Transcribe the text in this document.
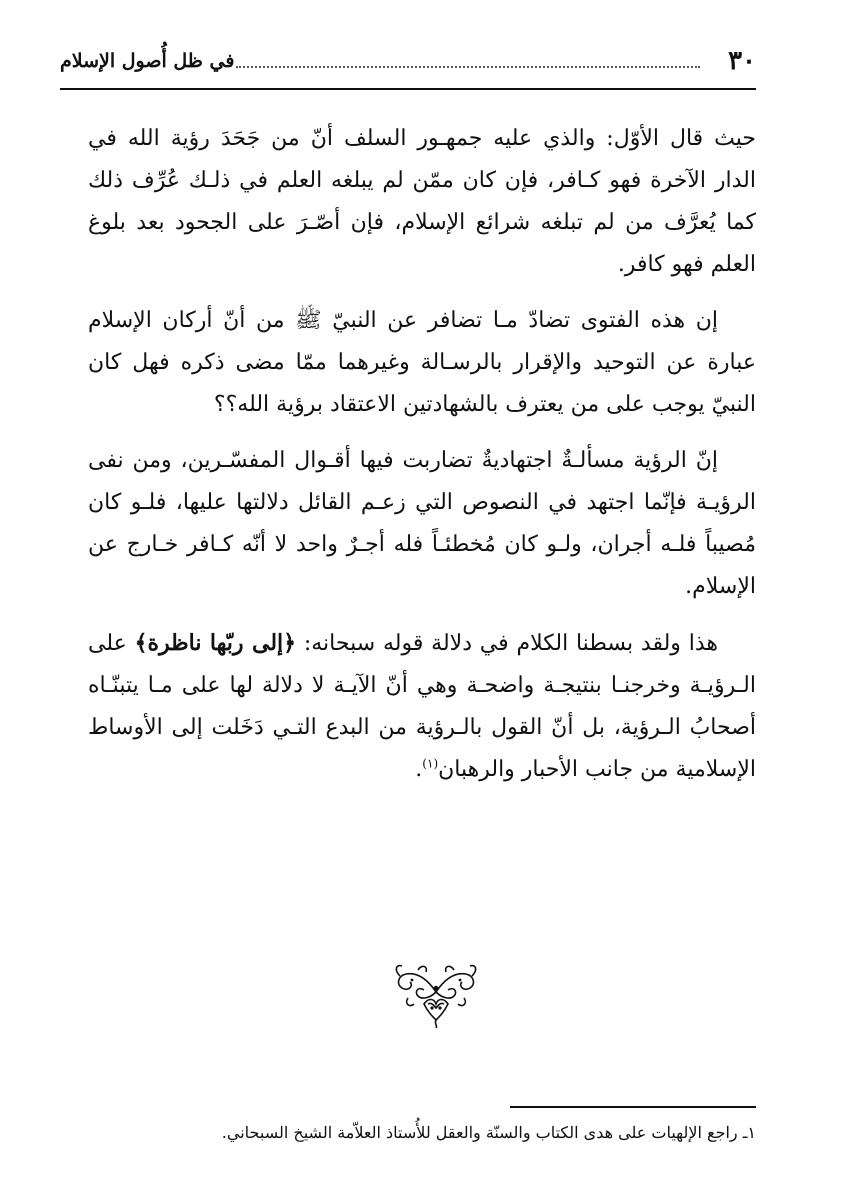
٣٠
في ظل أُصول الإسلام

حيث قال الأوّل: والذي عليه جمهـور السلف أنّ من جَحَدَ رؤية الله في الدار الآخرة فهو كـافر، فإن كان ممّن لم يبلغه العلم في ذلـك عُرِّف ذلك كما يُعرَّف من لم تبلغه شرائع الإسلام، فإن أصّـرَ على الجحود بعد بلوغ العلم فهو كافر.

إن هذه الفتوى تضادّ مـا تضافر عن النبيّ ﷺ من أنّ أركان الإسلام عبارة عن التوحيد والإقرار بالرسـالة وغيرهما ممّا مضى ذكره فهل كان النبيّ يوجب على من يعترف بالشهادتين الاعتقاد برؤية الله؟؟

إنّ الرؤية مسألـةٌ اجتهاديةٌ تضاربت فيها أقـوال المفسّـرين، ومن نفى الرؤيـة فإنّما اجتهد في النصوص التي زعـم القائل دلالتها عليها، فلـو كان مُصيباً فلـه أجران، ولـو كان مُخطئـاً فله أجـرٌ واحد لا أنّه كـافر خـارج عن الإسلام.

هذا ولقد بسطنا الكلام في دلالة قوله سبحانه: ﴿إلى ربّها ناظرة﴾ على الـرؤيـة وخرجنـا بنتيجـة واضحـة وهي أنّ الآيـة لا دلالة لها على مـا يتبنّـاه أصحابُ الـرؤية، بل أنّ القول بالـرؤية من البدع التـي دَخَلت إلى الأوساط الإسلامية من جانب الأحبار والرهبان$^{(١)}$.

١ـ راجع الإلهيات على هدى الكتاب والسنّة والعقل للأُستاذ العلاّمة الشيخ السبحاني.
